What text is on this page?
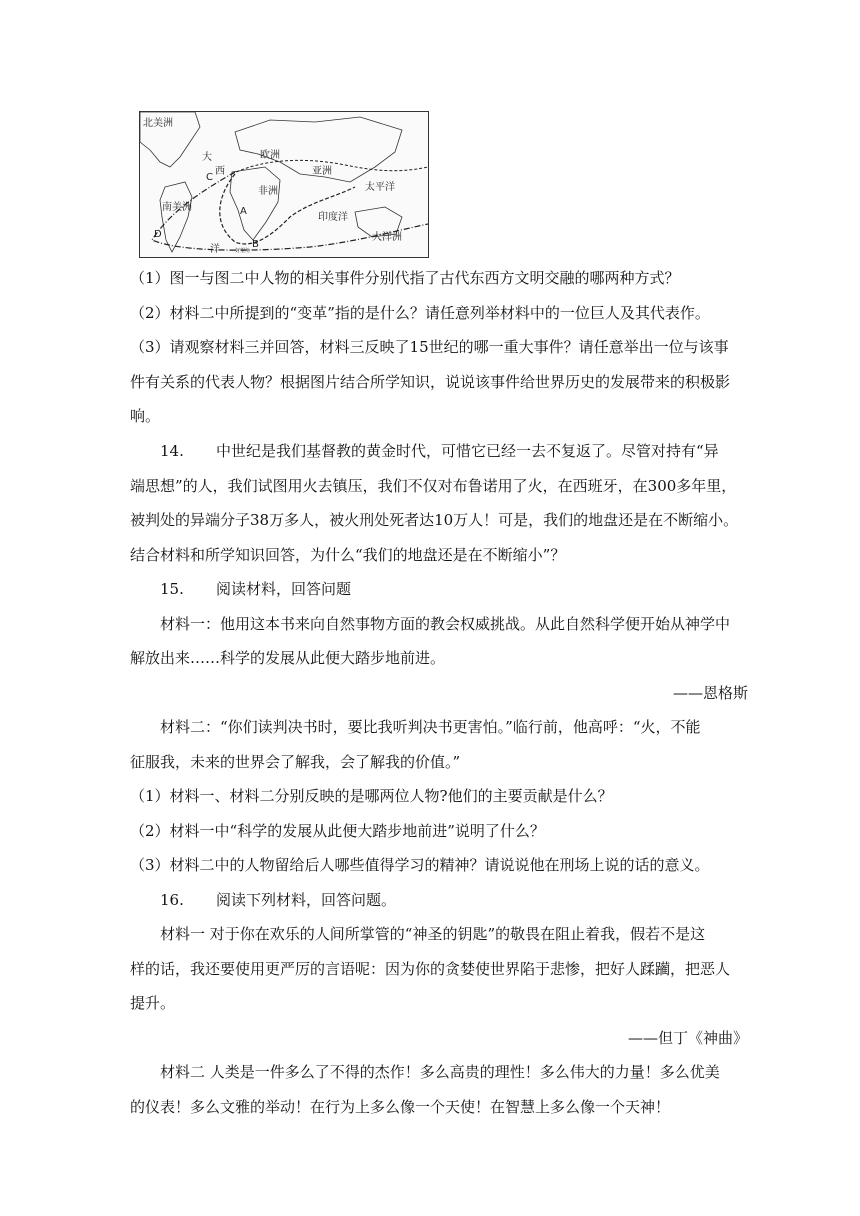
北美洲
大
西
欧洲
非洲
亚洲
太平洋
南美洲
印度洋
大洋洲
洋
C
B
D
A
好望角
（1）图一与图二中人物的相关事件分别代指了古代东西方文明交融的哪两种方式？
（2）材料二中所提到的“变革”指的是什么？请任意列举材料中的一位巨人及其代表作。
（3）请观察材料三并回答，材料三反映了15世纪的哪一重大事件？请任意举出一位与该事
件有关系的代表人物？根据图片结合所学知识，说说该事件给世界历史的发展带来的积极影
响。
14. 中世纪是我们基督教的黄金时代，可惜它已经一去不复返了。尽管对持有“异
端思想”的人，我们试图用火去镇压，我们不仅对布鲁诺用了火，在西班牙，在300多年里，
被判处的异端分子38万多人，被火刑处死者达10万人！可是，我们的地盘还是在不断缩小。
结合材料和所学知识回答，为什么“我们的地盘还是在不断缩小”？
15. 阅读材料，回答问题
材料一：他用这本书来向自然事物方面的教会权威挑战。从此自然科学便开始从神学中
解放出来……科学的发展从此便大踏步地前进。
——恩格斯
材料二：“你们读判决书时，要比我听判决书更害怕。”临行前，他高呼：“火，不能
征服我，未来的世界会了解我，会了解我的价值。”
（1）材料一、材料二分别反映的是哪两位人物?他们的主要贡献是什么？
（2）材料一中“科学的发展从此便大踏步地前进”说明了什么？
（3）材料二中的人物留给后人哪些值得学习的精神？请说说他在刑场上说的话的意义。
16. 阅读下列材料，回答问题。
材料一 对于你在欢乐的人间所掌管的“神圣的钥匙”的敬畏在阻止着我，假若不是这
样的话，我还要使用更严厉的言语呢：因为你的贪婪使世界陷于悲惨，把好人蹂躏，把恶人
提升。
——但丁《神曲》
材料二 人类是一件多么了不得的杰作！多么高贵的理性！多么伟大的力量！多么优美
的仪表！多么文雅的举动！在行为上多么像一个天使！在智慧上多么像一个天神！
